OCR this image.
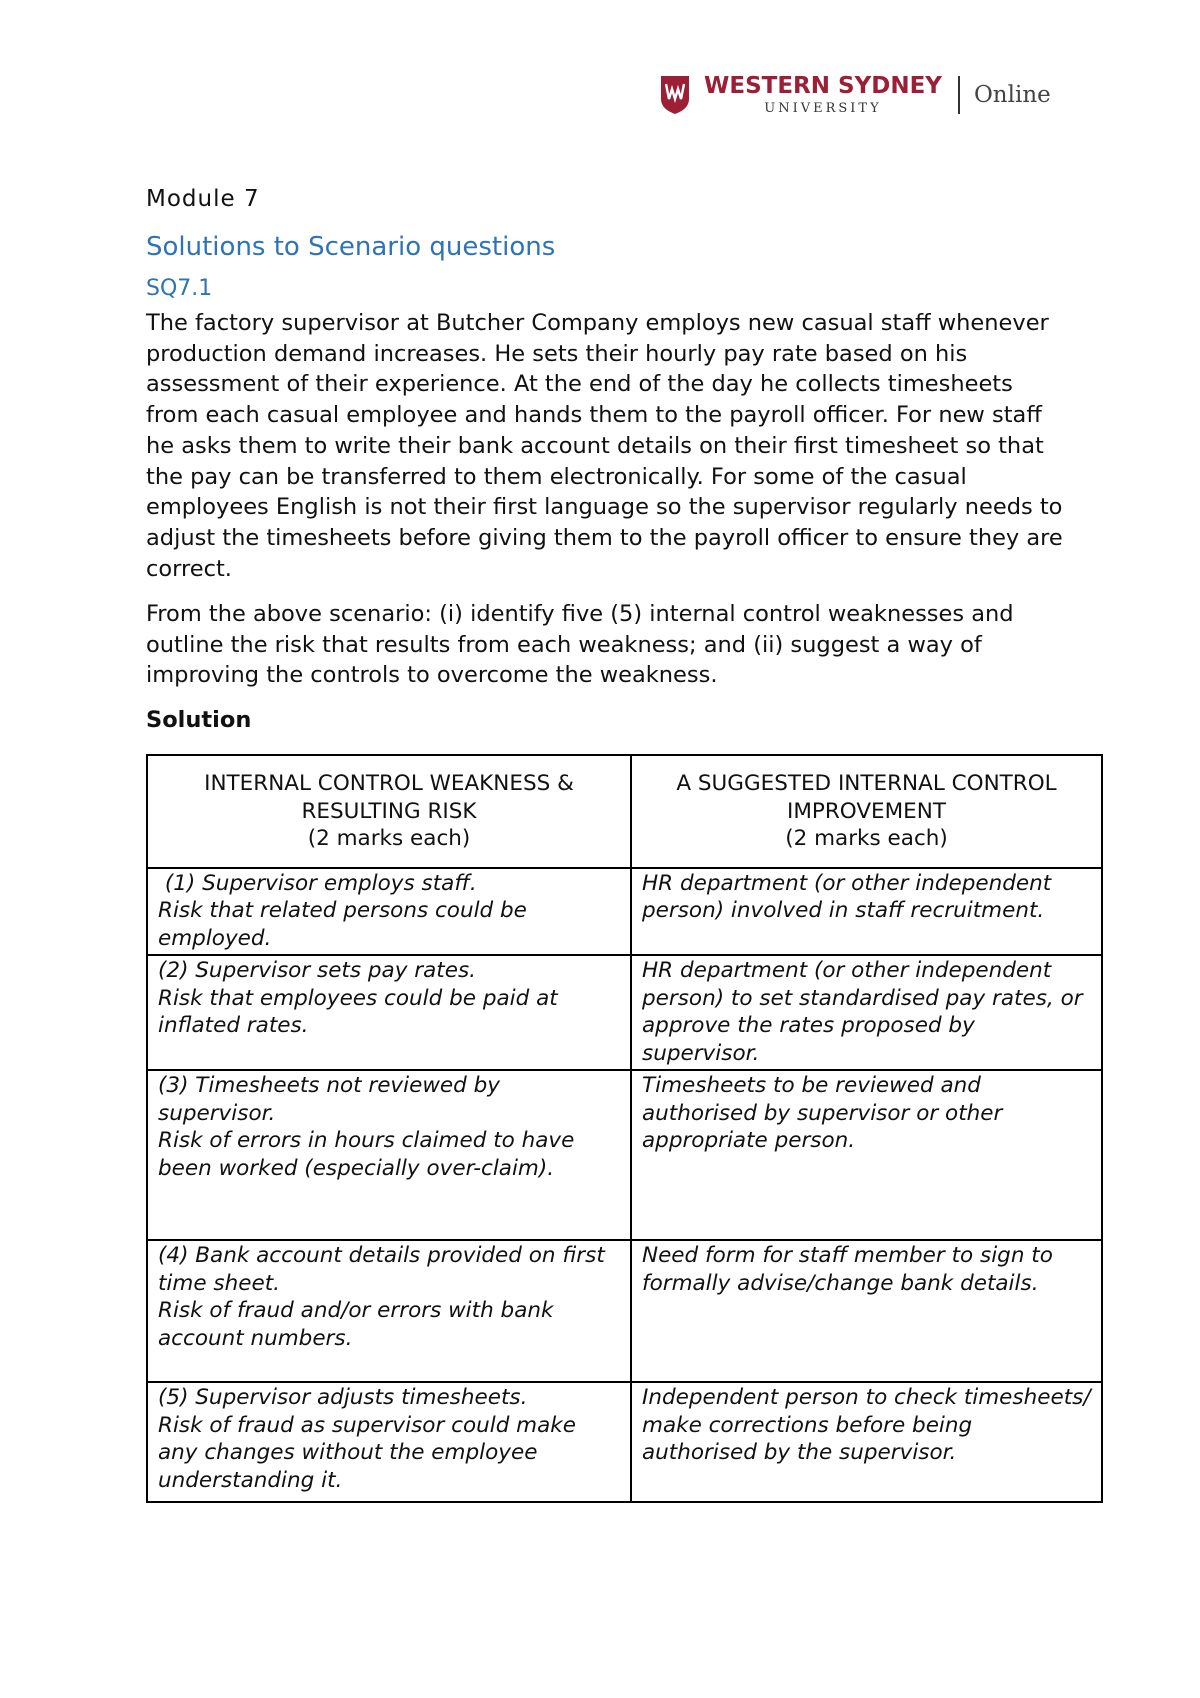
WESTERN SYDNEY
UNIVERSITY
Online
Module 7
Solutions to Scenario questions
SQ7.1

The factory supervisor at Butcher Company employs new casual staff whenever production demand increases. He sets their hourly pay rate based on his assessment of their experience. At the end of the day he collects timesheets from each casual employee and hands them to the payroll officer. For new staff he asks them to write their bank account details on their first timesheet so that the pay can be transferred to them electronically. For some of the casual employees English is not their first language so the supervisor regularly needs to adjust the timesheets before giving them to the payroll officer to ensure they are correct.

From the above scenario: (i) identify five (5) internal control weaknesses and outline the risk that results from each weakness; and (ii) suggest a way of improving the controls to overcome the weakness.

Solution
INTERNAL CONTROL WEAKNESS &
RESULTING RISK
(2 marks each)	A SUGGESTED INTERNAL CONTROL
IMPROVEMENT
(2 marks each)

(1) Supervisor employs staff.
Risk that related persons could be employed.	HR department (or other independent person) involved in staff recruitment.

(2) Supervisor sets pay rates.
Risk that employees could be paid at inflated rates.	HR department (or other independent person) to set standardised pay rates, or approve the rates proposed by supervisor.

(3) Timesheets not reviewed by supervisor.
Risk of errors in hours claimed to have been worked (especially over-claim).	Timesheets to be reviewed and authorised by supervisor or other appropriate person.

(4) Bank account details provided on first time sheet.
Risk of fraud and/or errors with bank account numbers.	Need form for staff member to sign to formally advise/change bank details.

(5) Supervisor adjusts timesheets.
Risk of fraud as supervisor could make any changes without the employee understanding it.	Independent person to check timesheets/ make corrections before being authorised by the supervisor.
